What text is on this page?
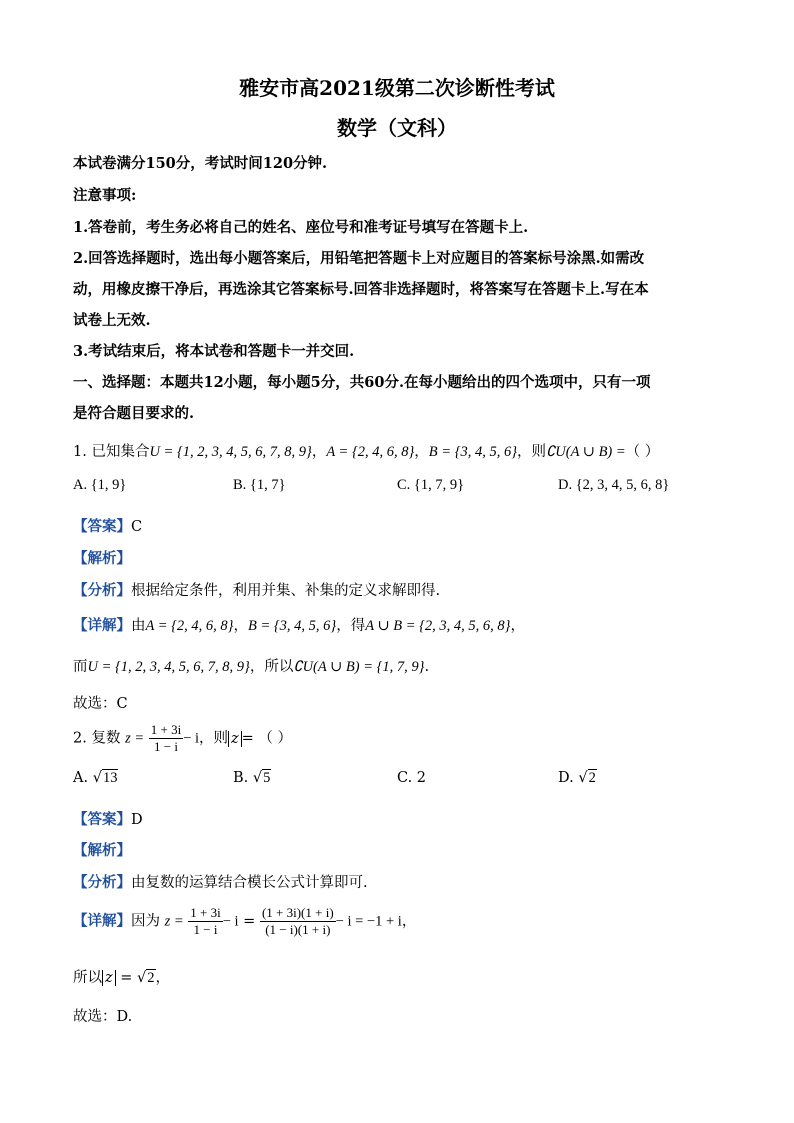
雅安市高2021级第二次诊断性考试
数学（文科）
本试卷满分150分，考试时间120分钟.
注意事项:
1.答卷前，考生务必将自己的姓名、座位号和准考证号填写在答题卡上.
2.回答选择题时，选出每小题答案后，用铅笔把答题卡上对应题目的答案标号涂黑.如需改
动，用橡皮擦干净后，再选涂其它答案标号.回答非选择题时，将答案写在答题卡上.写在本
试卷上无效.
3.考试结束后，将本试卷和答题卡一并交回.
一、选择题：本题共12小题，每小题5分，共60分.在每小题给出的四个选项中，只有一项
是符合题目要求的.
1. 已知集合U = {1, 2, 3, 4, 5, 6, 7, 8, 9}，A = {2, 4, 6, 8}，B = {3, 4, 5, 6}，则∁U(A ∪ B) =（ ）
A. {1, 9}	B. {1, 7}	C. {1, 7, 9}	D. {2, 3, 4, 5, 6, 8}
【答案】C
【解析】
【分析】根据给定条件，利用并集、补集的定义求解即得.
【详解】由A = {2, 4, 6, 8}，B = {3, 4, 5, 6}，得A ∪ B = {2, 3, 4, 5, 6, 8}，
而U = {1, 2, 3, 4, 5, 6, 7, 8, 9}，所以∁U(A ∪ B) = {1, 7, 9}.
故选：C
2. 复数 $z = \frac{1 + 3i}{1 - i} - i$，则 z = （ ）
A. √13	B. √5	C. 2	D. √2
【答案】D
【解析】
【分析】由复数的运算结合模长公式计算即可.
【详解】因为 $z = \frac{1 + 3i}{1 - i} - i = \frac{(1 + 3i)(1 + i)}{(1 - i)(1 + i)} - i = -1 + i$，
所以 z = √2，
故选：D.
